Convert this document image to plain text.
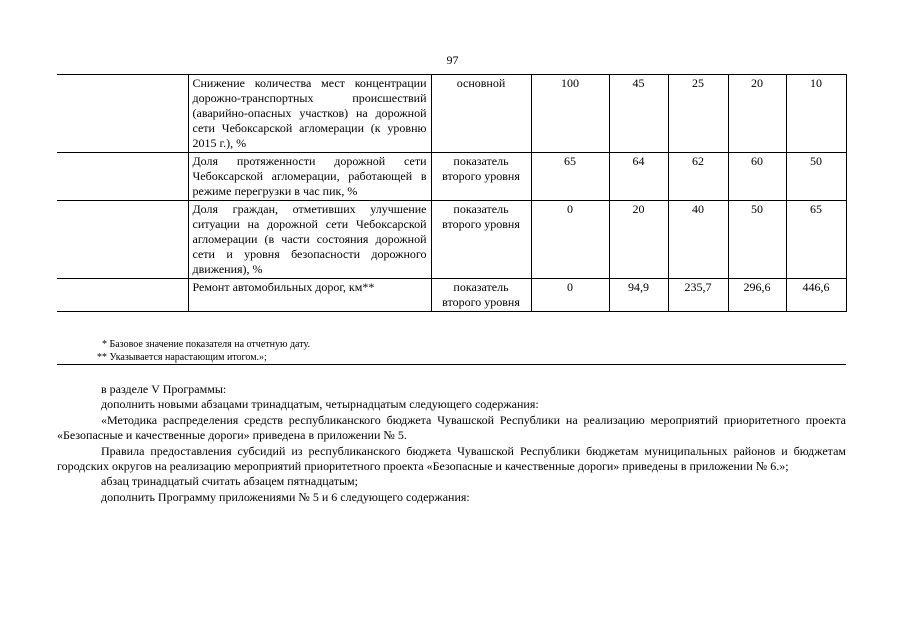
97
	Снижение количества мест концентрации дорожно-транспортных происшествий (аварийно-опасных участков) на дорожной сети Чебоксарской агломерации (к уровню 2015 г.), %	основной	100	45	25	20	10
	Доля протяженности дорожной сети Чебоксарской агломерации, работающей в режиме перегрузки в час пик, %	показатель второго уровня	65	64	62	60	50
	Доля граждан, отметивших улучшение ситуации на дорожной сети Чебоксарской агломерации (в части состояния дорожной сети и уровня безопасности дорожного движения), %	показатель второго уровня	0	20	40	50	65
	Ремонт автомобильных дорог, км**	показатель второго уровня	0	94,9	235,7	296,6	446,6
* Базовое значение показателя на отчетную дату.
** Указывается нарастающим итогом.»;

в разделе V Программы:

дополнить новыми абзацами тринадцатым, четырнадцатым следующего содержания:

«Методика распределения средств республиканского бюджета Чувашской Республики на реализацию мероприятий приоритетного проекта «Безопасные и качественные дороги» приведена в приложении № 5.

Правила предоставления субсидий из республиканского бюджета Чувашской Республики бюджетам муниципальных районов и бюджетам городских округов на реализацию мероприятий приоритетного проекта «Безопасные и качественные дороги» приведены в приложении № 6.»;

абзац тринадцатый считать абзацем пятнадцатым;

дополнить Программу приложениями № 5 и 6 следующего содержания:
